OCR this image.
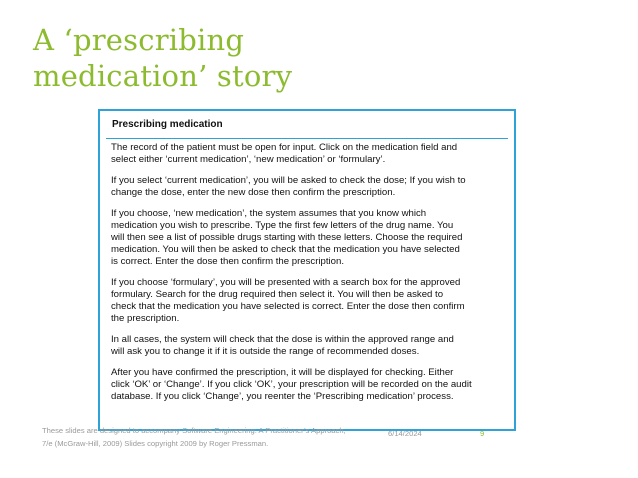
A ‘prescribing
medication’ story
Prescribing medication

The record of the patient must be open for input. Click on the medication field and
select either ‘current medication’, ‘new medication’ or ‘formulary’.

If you select ‘current medication’, you will be asked to check the dose; If you wish to
change the dose, enter the new dose then confirm the prescription.

If you choose, ‘new medication’, the system assumes that you know which
medication you wish to prescribe. Type the first few letters of the drug name. You
will then see a list of possible drugs starting with these letters. Choose the required
medication. You will then be asked to check that the medication you have selected
is correct. Enter the dose then confirm the prescription.

If you choose ‘formulary’, you will be presented with a search box for the approved
formulary. Search for the drug required then select it. You will then be asked to
check that the medication you have selected is correct. Enter the dose then confirm
the prescription.

In all cases, the system will check that the dose is within the approved range and
will ask you to change it if it is outside the range of recommended doses.

After you have confirmed the prescription, it will be displayed for checking. Either
click ‘OK’ or ‘Change’. If you click ‘OK’, your prescription will be recorded on the audit
database. If you click ‘Change’, you reenter the ‘Prescribing medication’ process.

These slides are designed to accompany Software Engineering: A Practitioner’s Approach,
7/e (McGraw-Hill, 2009) Slides copyright 2009 by Roger Pressman.
6/14/2024	9
